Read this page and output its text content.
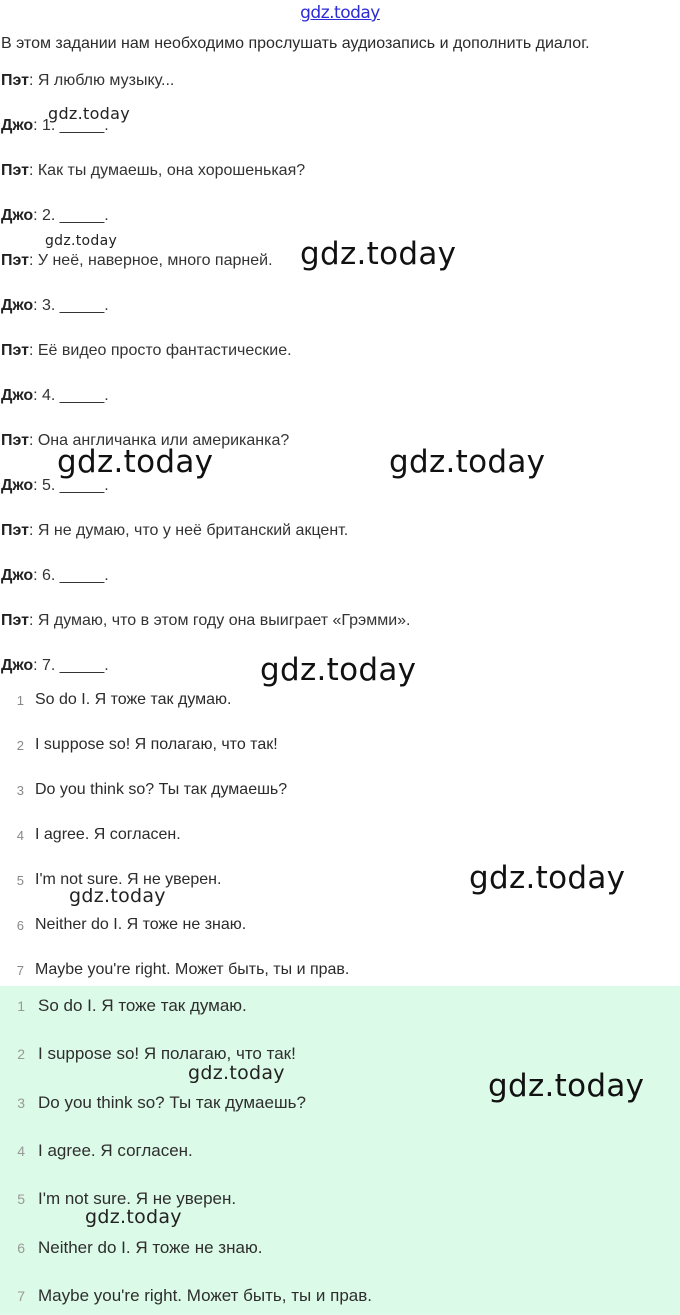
gdz.today
В этом задании нам необходимо прослушать аудиозапись и дополнить диалог.
Пэт: Я люблю музыку...
Джо: 1. _____.
Пэт: Как ты думаешь, она хорошенькая?
Джо: 2. _____.
Пэт: У неё, наверное, много парней.
Джо: 3. _____.
Пэт: Её видео просто фантастические.
Джо: 4. _____.
Пэт: Она англичанка или американка?
Джо: 5. _____.
Пэт: Я не думаю, что у неё британский акцент.
Джо: 6. _____.
Пэт: Я думаю, что в этом году она выиграет «Грэмми».
Джо: 7. _____.
1 So do I. Я тоже так думаю.
2 I suppose so! Я полагаю, что так!
3 Do you think so? Ты так думаешь?
4 I agree. Я согласен.
5 I'm not sure. Я не уверен.
6 Neither do I. Я тоже не знаю.
7 Maybe you're right. Может быть, ты и прав.
1 So do I. Я тоже так думаю.
2 I suppose so! Я полагаю, что так!
3 Do you think so? Ты так думаешь?
4 I agree. Я согласен.
5 I'm not sure. Я не уверен.
6 Neither do I. Я тоже не знаю.
7 Maybe you're right. Может быть, ты и прав.
gdz.today
gdz.today	gdz.today
gdz.today	gdz.today
gdz.today
gdz.today
gdz.today
gdz.today	gdz.today
gdz.today
